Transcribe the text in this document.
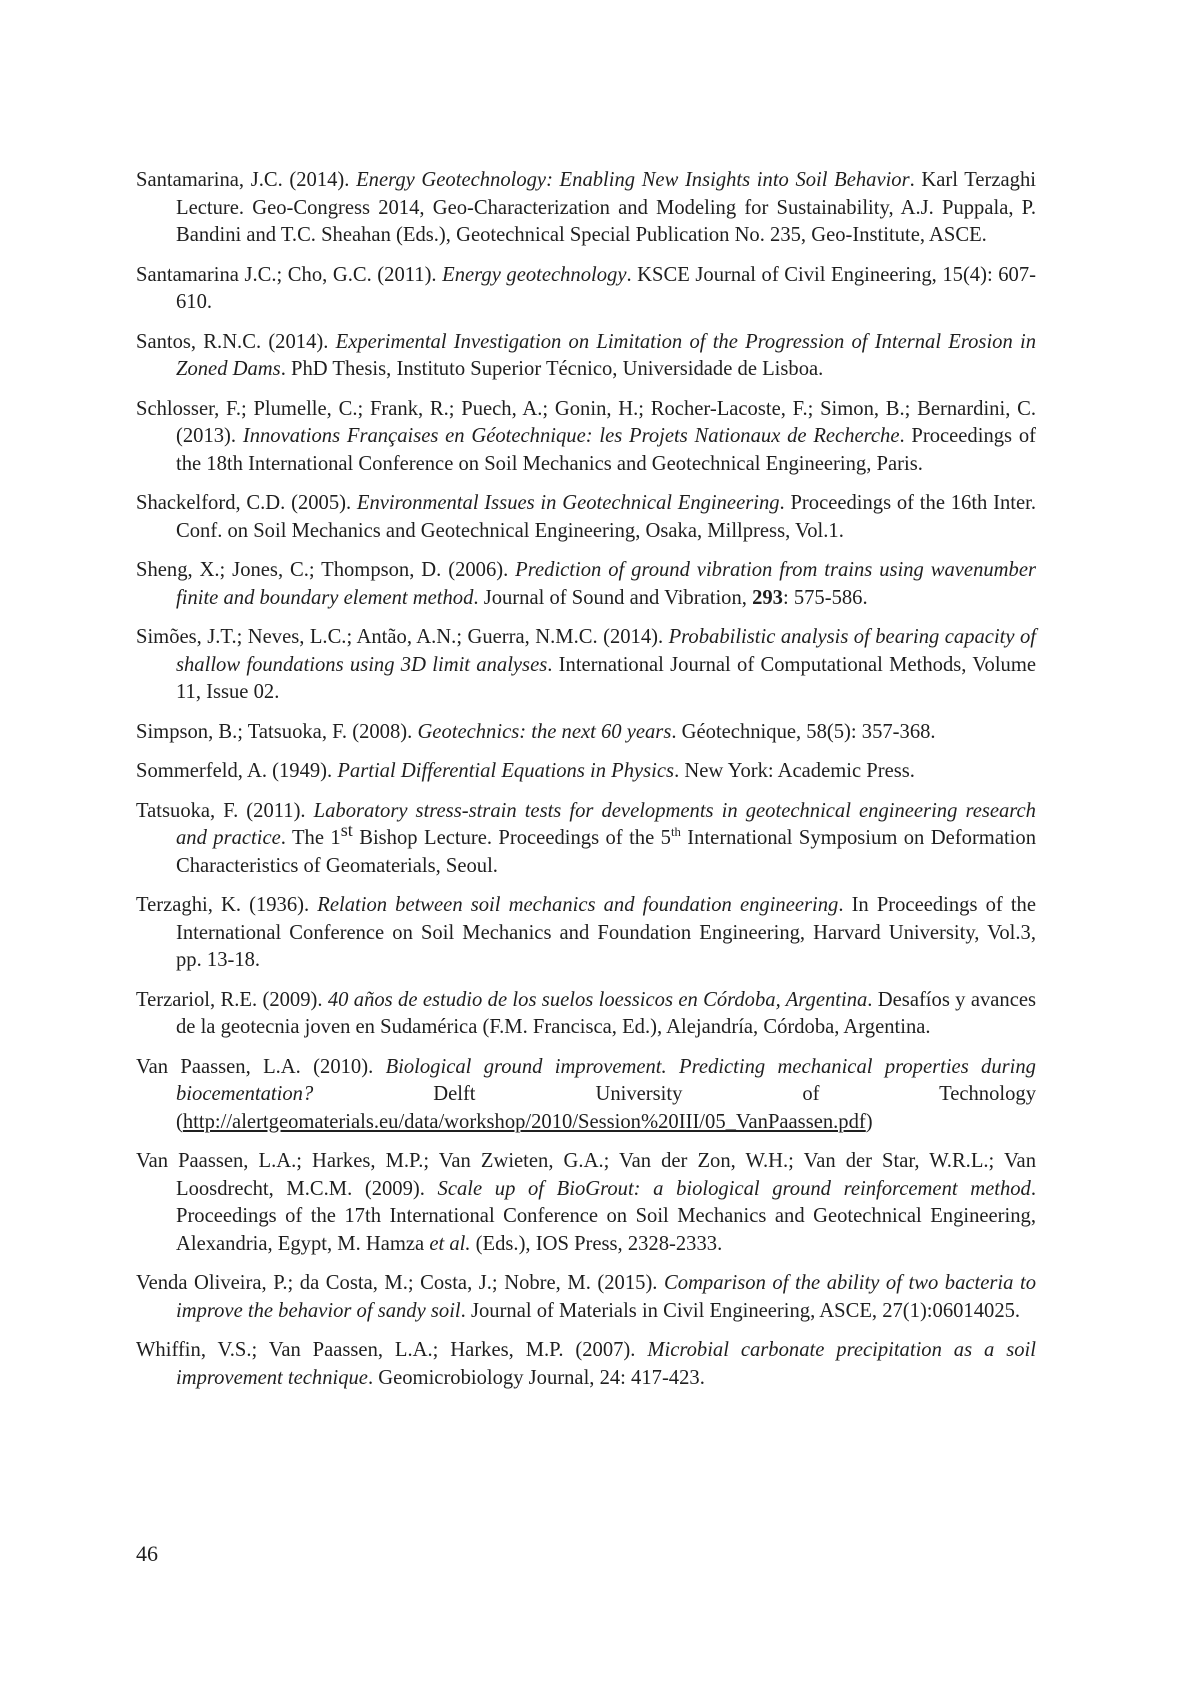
Santamarina, J.C. (2014). Energy Geotechnology: Enabling New Insights into Soil Behavior. Karl Terzaghi Lecture. Geo-Congress 2014, Geo-Characterization and Modeling for Sustainability, A.J. Puppala, P. Bandini and T.C. Sheahan (Eds.), Geotechnical Special Publication No. 235, Geo-Institute, ASCE.

Santamarina J.C.; Cho, G.C. (2011). Energy geotechnology. KSCE Journal of Civil Engineering, 15(4): 607-610.

Santos, R.N.C. (2014). Experimental Investigation on Limitation of the Progression of Internal Erosion in Zoned Dams. PhD Thesis, Instituto Superior Técnico, Universidade de Lisboa.

Schlosser, F.; Plumelle, C.; Frank, R.; Puech, A.; Gonin, H.; Rocher-Lacoste, F.; Simon, B.; Bernardini, C. (2013). Innovations Françaises en Géotechnique: les Projets Nationaux de Recherche. Proceedings of the 18th International Conference on Soil Mechanics and Geotechnical Engineering, Paris.

Shackelford, C.D. (2005). Environmental Issues in Geotechnical Engineering. Proceedings of the 16th Inter. Conf. on Soil Mechanics and Geotechnical Engineering, Osaka, Millpress, Vol.1.

Sheng, X.; Jones, C.; Thompson, D. (2006). Prediction of ground vibration from trains using wavenumber finite and boundary element method. Journal of Sound and Vibration, 293: 575-586.

Simões, J.T.; Neves, L.C.; Antão, A.N.; Guerra, N.M.C. (2014). Probabilistic analysis of bearing capacity of shallow foundations using 3D limit analyses. International Journal of Computational Methods, Volume 11, Issue 02.

Simpson, B.; Tatsuoka, F. (2008). Geotechnics: the next 60 years. Géotechnique, 58(5): 357-368.

Sommerfeld, A. (1949). Partial Differential Equations in Physics. New York: Academic Press.

Tatsuoka, F. (2011). Laboratory stress-strain tests for developments in geotechnical engineering research and practice. The 1st Bishop Lecture. Proceedings of the 5th International Symposium on Deformation Characteristics of Geomaterials, Seoul.

Terzaghi, K. (1936). Relation between soil mechanics and foundation engineering. In Proceedings of the International Conference on Soil Mechanics and Foundation Engineering, Harvard University, Vol.3, pp. 13-18.

Terzariol, R.E. (2009). 40 años de estudio de los suelos loessicos en Córdoba, Argentina. Desafíos y avances de la geotecnia joven en Sudamérica (F.M. Francisca, Ed.), Alejandría, Córdoba, Argentina.

Van Paassen, L.A. (2010). Biological ground improvement. Predicting mechanical properties during biocementation? Delft University of Technology (http://alertgeomaterials.eu/data/workshop/2010/Session%20III/05_VanPaassen.pdf)

Van Paassen, L.A.; Harkes, M.P.; Van Zwieten, G.A.; Van der Zon, W.H.; Van der Star, W.R.L.; Van Loosdrecht, M.C.M. (2009). Scale up of BioGrout: a biological ground reinforcement method. Proceedings of the 17th International Conference on Soil Mechanics and Geotechnical Engineering, Alexandria, Egypt, M. Hamza et al. (Eds.), IOS Press, 2328-2333.

Venda Oliveira, P.; da Costa, M.; Costa, J.; Nobre, M. (2015). Comparison of the ability of two bacteria to improve the behavior of sandy soil. Journal of Materials in Civil Engineering, ASCE, 27(1):06014025.

Whiffin, V.S.; Van Paassen, L.A.; Harkes, M.P. (2007). Microbial carbonate precipitation as a soil improvement technique. Geomicrobiology Journal, 24: 417-423.

46
